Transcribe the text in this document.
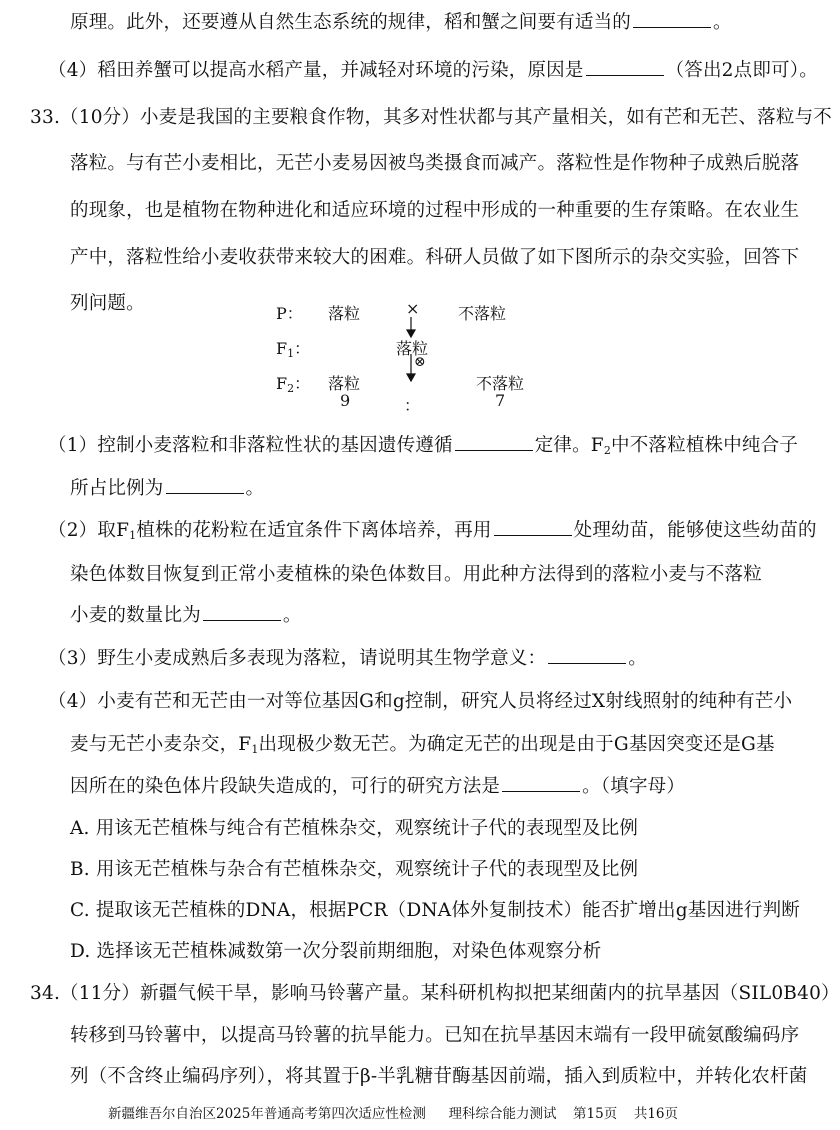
原理。此外，还要遵从自然生态系统的规律，稻和蟹之间要有适当的	。
（4）稻田养蟹可以提高水稻产量，并减轻对环境的污染，原因是	（答出2点即可）。
33.（10分）小麦是我国的主要粮食作物，其多对性状都与其产量相关，如有芒和无芒、落粒与不
落粒。与有芒小麦相比，无芒小麦易因被鸟类摄食而减产。落粒性是作物种子成熟后脱落
的现象，也是植物在物种进化和适应环境的过程中形成的一种重要的生存策略。在农业生
产中，落粒性给小麦收获带来较大的困难。科研人员做了如下图所示的杂交实验，回答下
列问题。	P： 落粒	× 不落粒
$F_1$：	落粒
⊗
$F_2$： 落粒	不落粒
9	：	7
（1）控制小麦落粒和非落粒性状的基因遗传遵循	定律。$F_2$中不落粒植株中纯合子
所占比例为	。
（2）取$F_1$植株的花粉粒在适宜条件下离体培养，再用	处理幼苗，能够使这些幼苗的
染色体数目恢复到正常小麦植株的染色体数目。用此种方法得到的落粒小麦与不落粒
小麦的数量比为	。
（3）野生小麦成熟后多表现为落粒，请说明其生物学意义：	。
（4）小麦有芒和无芒由一对等位基因G和g控制，研究人员将经过X射线照射的纯种有芒小
麦与无芒小麦杂交，$F_1$出现极少数无芒。为确定无芒的出现是由于G基因突变还是G基
因所在的染色体片段缺失造成的，可行的研究方法是	。（填字母）
A. 用该无芒植株与纯合有芒植株杂交，观察统计子代的表现型及比例
B. 用该无芒植株与杂合有芒植株杂交，观察统计子代的表现型及比例
C. 提取该无芒植株的DNA，根据PCR（DNA体外复制技术）能否扩增出g基因进行判断
D. 选择该无芒植株减数第一次分裂前期细胞，对染色体观察分析
34.（11分）新疆气候干旱，影响马铃薯产量。某科研机构拟把某细菌内的抗旱基因（SIL0B40）
转移到马铃薯中，以提高马铃薯的抗旱能力。已知在抗旱基因末端有一段甲硫氨酸编码序
列（不含终止编码序列），将其置于β-半乳糖苷酶基因前端，插入到质粒中，并转化农杆菌
新疆维吾尔自治区2025年普通高考第四次适应性检测 理科综合能力测试 第15页 共16页
